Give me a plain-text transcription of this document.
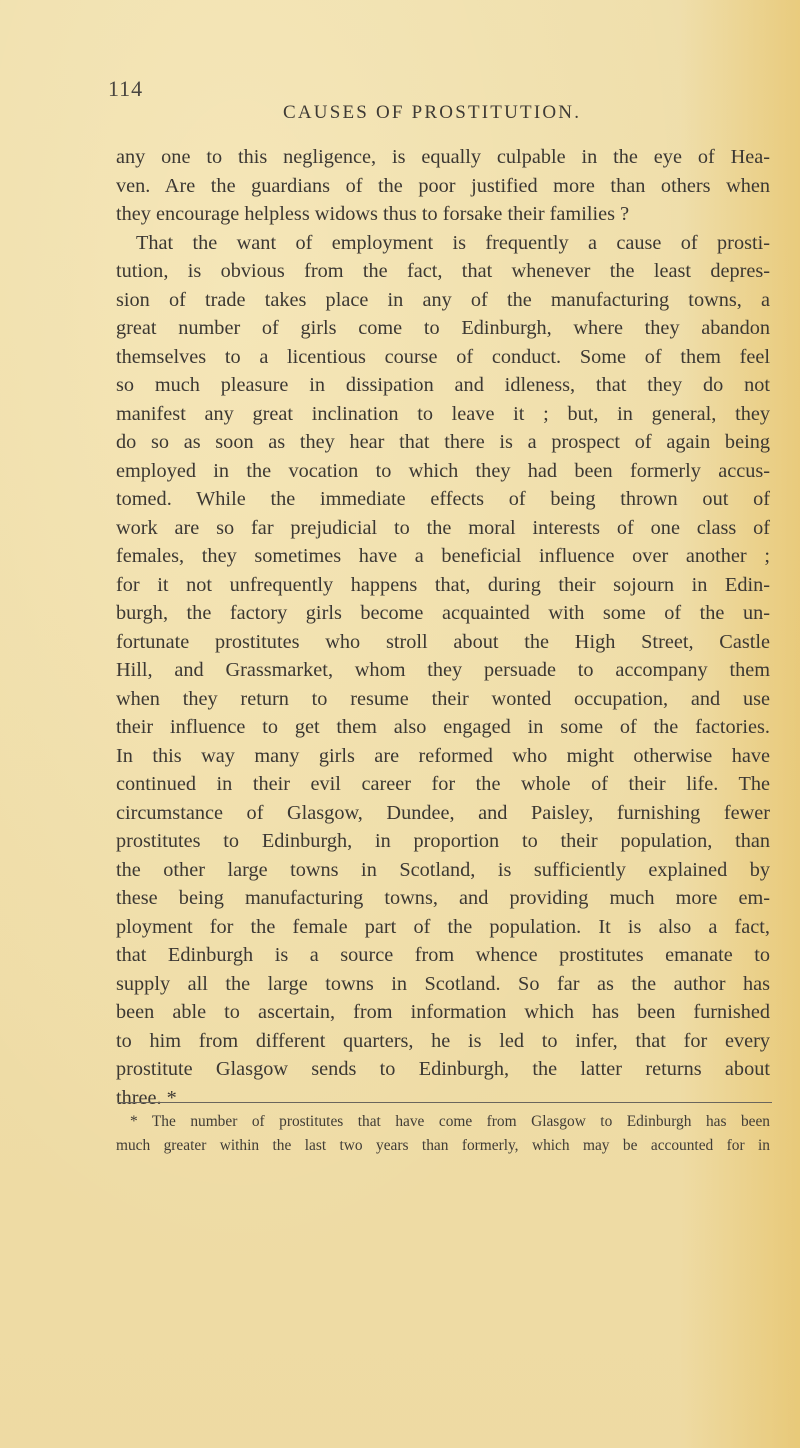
114
CAUSES OF PROSTITUTION.
any one to this negligence, is equally culpable in the eye of Hea-
ven. Are the guardians of the poor justified more than others when
they encourage helpless widows thus to forsake their families ?
That the want of employment is frequently a cause of prosti-
tution, is obvious from the fact, that whenever the least depres-
sion of trade takes place in any of the manufacturing towns, a
great number of girls come to Edinburgh, where they abandon
themselves to a licentious course of conduct. Some of them feel
so much pleasure in dissipation and idleness, that they do not
manifest any great inclination to leave it ; but, in general, they
do so as soon as they hear that there is a prospect of again being
employed in the vocation to which they had been formerly accus-
tomed. While the immediate effects of being thrown out of
work are so far prejudicial to the moral interests of one class of
females, they sometimes have a beneficial influence over another ;
for it not unfrequently happens that, during their sojourn in Edin-
burgh, the factory girls become acquainted with some of the un-
fortunate prostitutes who stroll about the High Street, Castle
Hill, and Grassmarket, whom they persuade to accompany them
when they return to resume their wonted occupation, and use
their influence to get them also engaged in some of the factories.
In this way many girls are reformed who might otherwise have
continued in their evil career for the whole of their life. The
circumstance of Glasgow, Dundee, and Paisley, furnishing fewer
prostitutes to Edinburgh, in proportion to their population, than
the other large towns in Scotland, is sufficiently explained by
these being manufacturing towns, and providing much more em-
ployment for the female part of the population. It is also a fact,
that Edinburgh is a source from whence prostitutes emanate to
supply all the large towns in Scotland. So far as the author has
been able to ascertain, from information which has been furnished
to him from different quarters, he is led to infer, that for every
prostitute Glasgow sends to Edinburgh, the latter returns about
three. *
* The number of prostitutes that have come from Glasgow to Edinburgh has been
much greater within the last two years than formerly, which may be accounted for in
